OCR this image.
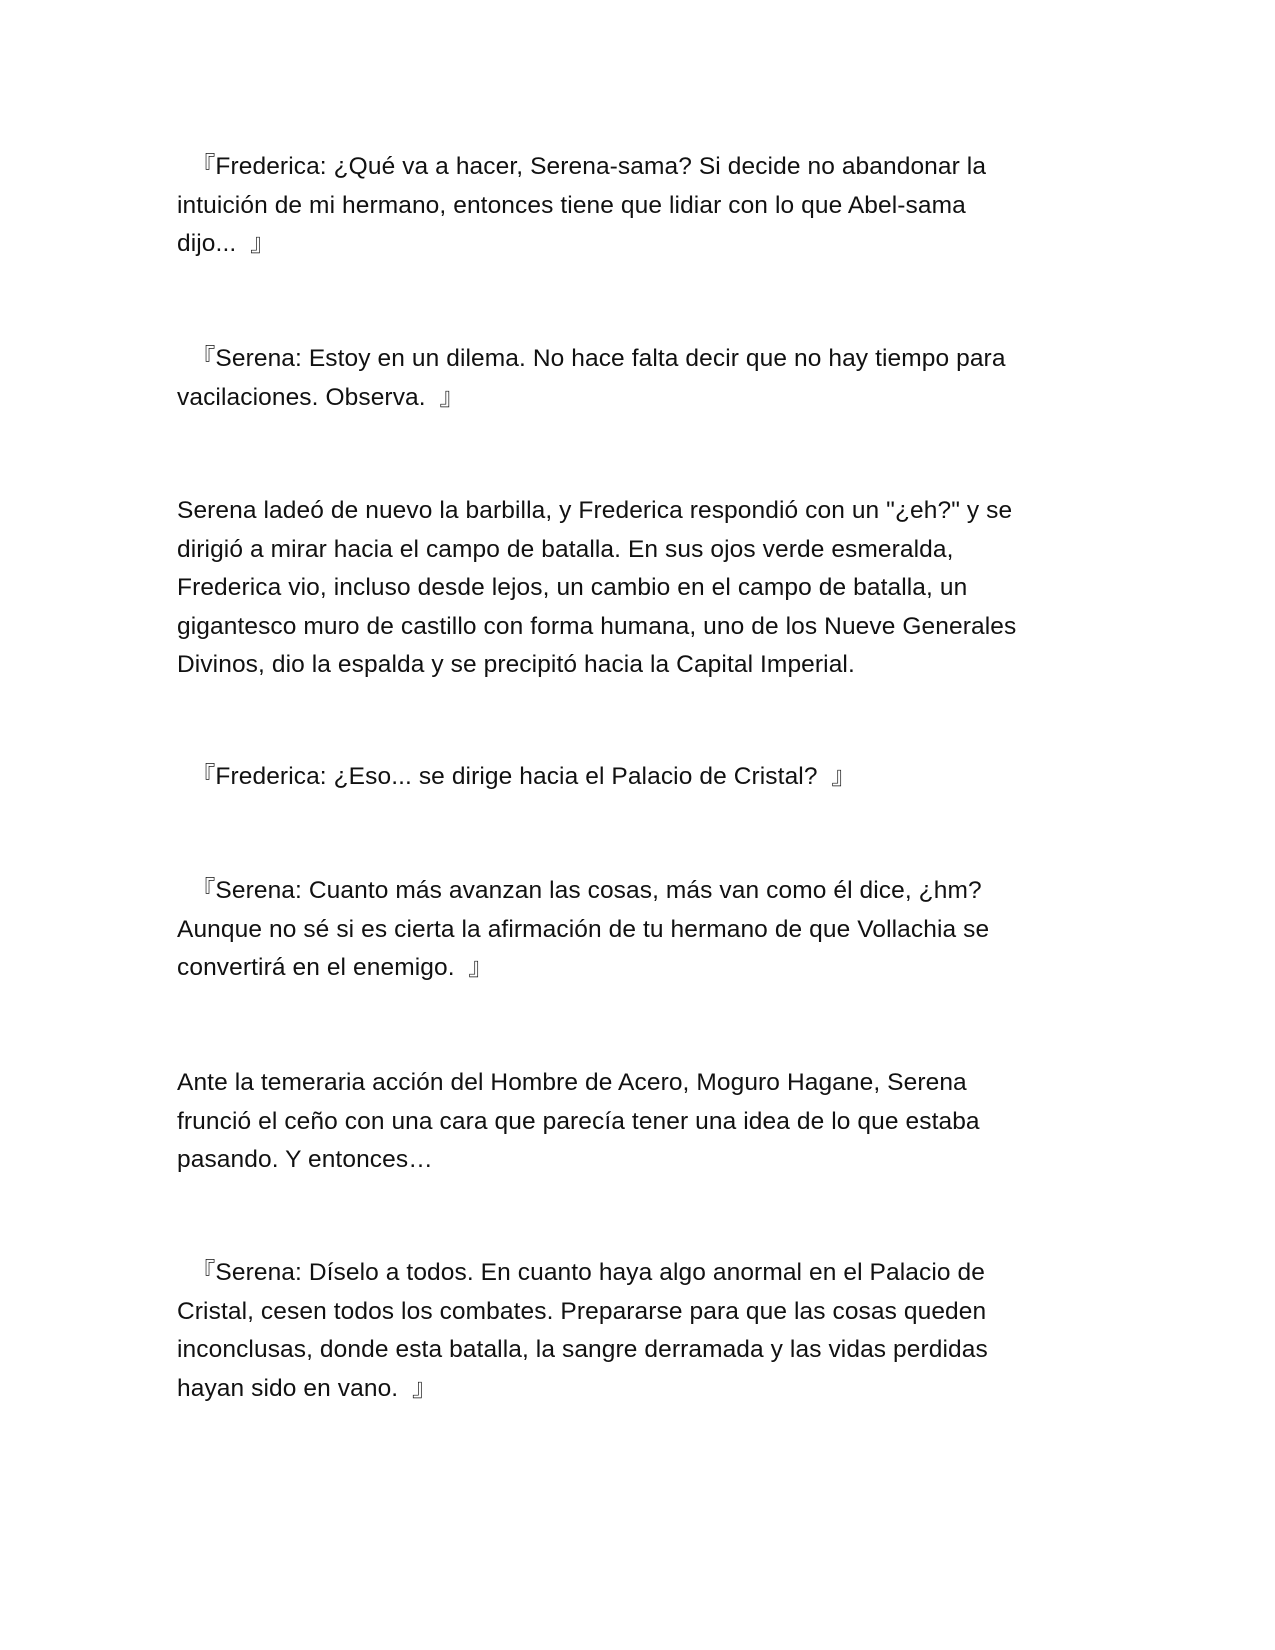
『Frederica: ¿Qué va a hacer, Serena-sama? Si decide no abandonar la
intuición de mi hermano, entonces tiene que lidiar con lo que Abel-sama
dijo...  』

『Serena: Estoy en un dilema. No hace falta decir que no hay tiempo para
vacilaciones. Observa.  』

Serena ladeó de nuevo la barbilla, y Frederica respondió con un "¿eh?" y se
dirigió a mirar hacia el campo de batalla. En sus ojos verde esmeralda,
Frederica vio, incluso desde lejos, un cambio en el campo de batalla, un
gigantesco muro de castillo con forma humana, uno de los Nueve Generales
Divinos, dio la espalda y se precipitó hacia la Capital Imperial.

『Frederica: ¿Eso... se dirige hacia el Palacio de Cristal?  』

『Serena: Cuanto más avanzan las cosas, más van como él dice, ¿hm?
Aunque no sé si es cierta la afirmación de tu hermano de que Vollachia se
convertirá en el enemigo.  』

Ante la temeraria acción del Hombre de Acero, Moguro Hagane, Serena
frunció el ceño con una cara que parecía tener una idea de lo que estaba
pasando. Y entonces…

『Serena: Díselo a todos. En cuanto haya algo anormal en el Palacio de
Cristal, cesen todos los combates. Prepararse para que las cosas queden
inconclusas, donde esta batalla, la sangre derramada y las vidas perdidas
hayan sido en vano.  』
